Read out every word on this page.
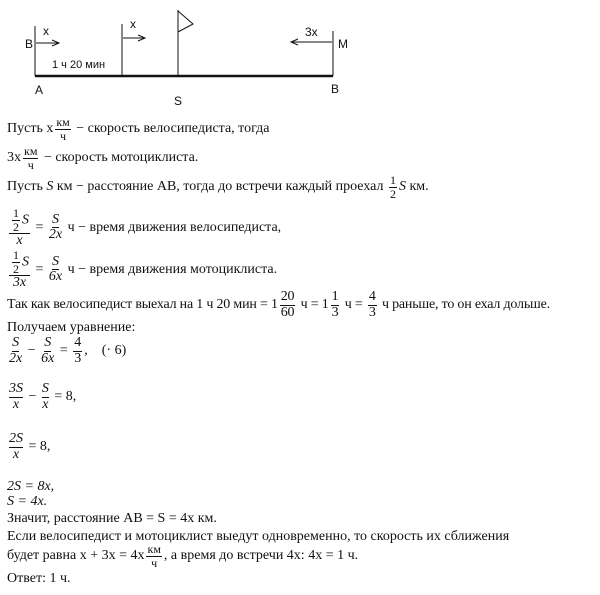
B
x	x
3x
M
1 ч 20 мин
A	B
S
Пусть x км
ч − скорость велосипедиста, тогда
3x км
ч − скорость мотоциклиста.
Пусть S км − расстояние AB, тогда до встречи каждый проехал 1
2 S км.
$\frac{\frac{1}{2} S}{x} = \frac{S}{2x}$ ч − время движения велосипедиста,
$\frac{\frac{1}{2} S}{3x} = \frac{S}{6x}$ ч − время движения мотоциклиста.
Так как велосипедист выехал на 1 ч 20 мин = 1
20
60 ч = 1
1
3 $ч = \frac{4}{3}$ ч раньше, то он ехал дольше.
Получаем уравнение:
S
$2x - \frac{S}{6x} = \frac{4}{3}$ ,    (· 6)
3S
$x - \frac{S}{x} = 8$,
$\frac{2S}{x} = 8$,
2S = 8x,
S = 4x.
Значит, расстояние AB = S = 4x км.
Если велосипедист и мотоциклист выедут одновременно, то скорость их сближения
будет равна x + 3x = 4x км
ч , а время до встречи 4x: 4x = 1 ч.
Ответ: 1 ч.
